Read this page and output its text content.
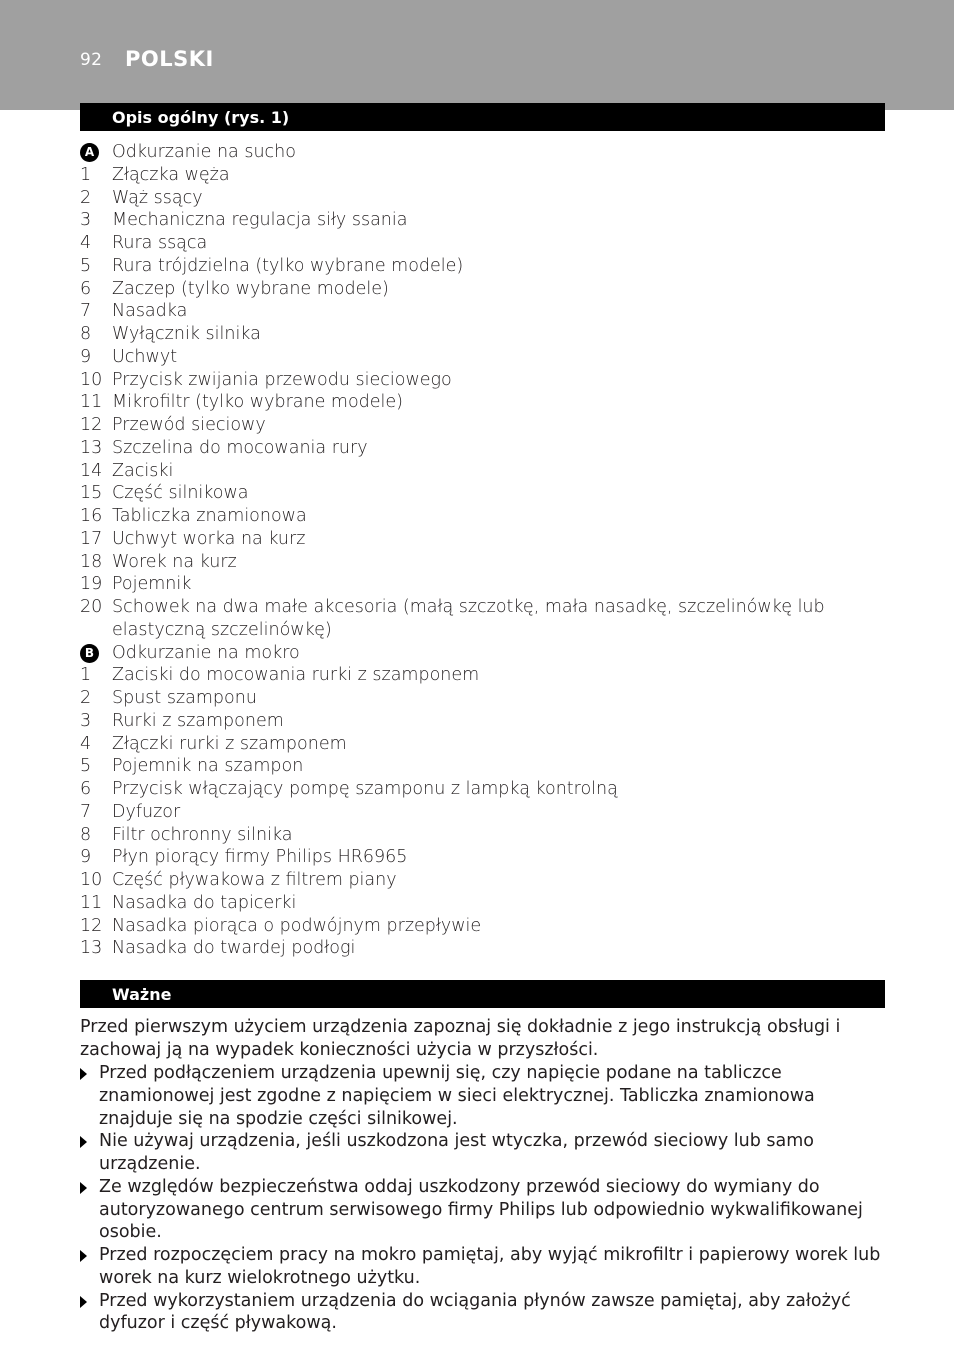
92 POLSKI
Opis ogólny (rys. 1)
A Odkurzanie na sucho
1	Złączka węża
2	Wąż ssący
3	Mechaniczna regulacja siły ssania
4	Rura ssąca
5	Rura trójdzielna (tylko wybrane modele)
6	Zaczep (tylko wybrane modele)
7	Nasadka
8	Wyłącznik silnika
9	Uchwyt
10 Przycisk zwijania przewodu sieciowego
11 Mikrofiltr (tylko wybrane modele)
12 Przewód sieciowy
13 Szczelina do mocowania rury
14 Zaciski
15 Część silnikowa
16 Tabliczka znamionowa
17 Uchwyt worka na kurz
18 Worek na kurz
19 Pojemnik
20 Schowek na dwa małe akcesoria (małą szczotkę, mała nasadkę, szczelinówkę lub elastyczną szczelinówkę)
B Odkurzanie na mokro
1	Zaciski do mocowania rurki z szamponem
2	Spust szamponu
3	Rurki z szamponem
4	Złączki rurki z szamponem
5	Pojemnik na szampon
6	Przycisk włączający pompę szamponu z lampką kontrolną
7	Dyfuzor
8	Filtr ochronny silnika
9	Płyn piorący firmy Philips HR6965
10 Część pływakowa z filtrem piany
11 Nasadka do tapicerki
12 Nasadka piorąca o podwójnym przepływie
13 Nasadka do twardej podłogi
Ważne
Przed pierwszym użyciem urządzenia zapoznaj się dokładnie z jego instrukcją obsługi i zachowaj ją na wypadek konieczności użycia w przyszłości.
Przed podłączeniem urządzenia upewnij się, czy napięcie podane na tabliczce znamionowej jest zgodne z napięciem w sieci elektrycznej. Tabliczka znamionowa znajduje się na spodzie części silnikowej.
Nie używaj urządzenia, jeśli uszkodzona jest wtyczka, przewód sieciowy lub samo urządzenie.
Ze względów bezpieczeństwa oddaj uszkodzony przewód sieciowy do wymiany do autoryzowanego centrum serwisowego firmy Philips lub odpowiednio wykwalifikowanej osobie.
Przed rozpoczęciem pracy na mokro pamiętaj, aby wyjąć mikrofiltr i papierowy worek lub worek na kurz wielokrotnego użytku.
Przed wykorzystaniem urządzenia do wciągania płynów zawsze pamiętaj, aby założyć dyfuzor i część pływakową.
